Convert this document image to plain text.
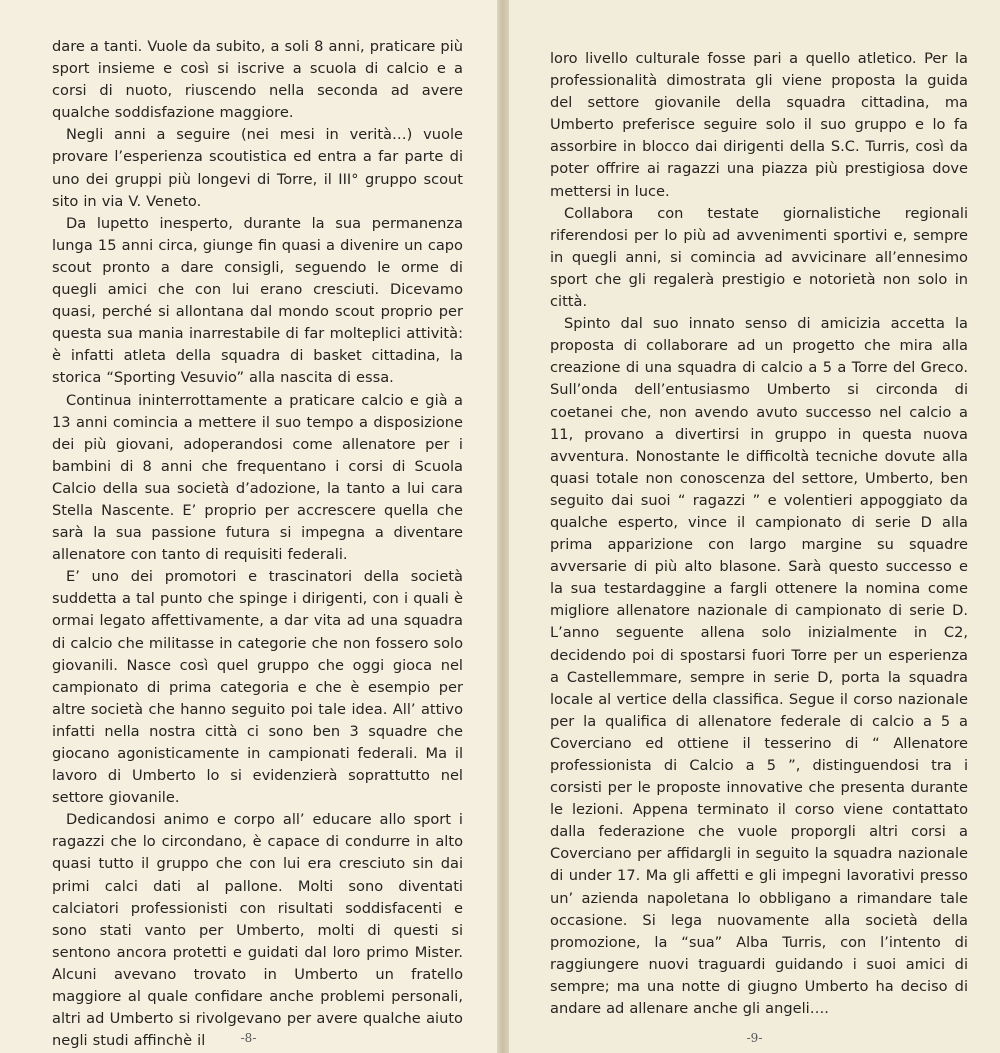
dare a tanti. Vuole da subito, a soli 8 anni, praticare più sport insieme e così si iscrive a scuola di calcio e a corsi di nuoto, riuscendo nella seconda ad avere qualche soddisfazione maggiore.

Negli anni a seguire (nei mesi in verità…) vuole provare l’esperienza scoutistica ed entra a far parte di uno dei gruppi più longevi di Torre, il III° gruppo scout sito in via V. Veneto.

Da lupetto inesperto, durante la sua permanenza lunga 15 anni circa, giunge fin quasi a divenire un capo scout pronto a dare consigli, seguendo le orme di quegli amici che con lui erano cresciuti. Dicevamo quasi, perché si allontana dal mondo scout proprio per questa sua mania inarrestabile di far molteplici attività: è infatti atleta della squadra di basket cittadina, la storica “Sporting Vesuvio” alla nascita di essa.

Continua ininterrottamente a praticare calcio e già a 13 anni comincia a mettere il suo tempo a disposizione dei più giovani, adoperandosi come allenatore per i bambini di 8 anni che frequentano i corsi di Scuola Calcio della sua società d’adozione, la tanto a lui cara Stella Nascente. E’ proprio per accrescere quella che sarà la sua passione futura si impegna a diventare allenatore con tanto di requisiti federali.

E’ uno dei promotori e trascinatori della società suddetta a tal punto che spinge i dirigenti, con i quali è ormai legato affettivamente, a dar vita ad una squadra di calcio che militasse in categorie che non fossero solo giovanili. Nasce così quel gruppo che oggi gioca nel campionato di prima categoria e che è esempio per altre società che hanno seguito poi tale idea. All’ attivo infatti nella nostra città ci sono ben 3 squadre che giocano agonisticamente in campionati federali. Ma il lavoro di Umberto lo si evidenzierà soprattutto nel settore giovanile.

Dedicandosi animo e corpo all’ educare allo sport i ragazzi che lo circondano, è capace di condurre in alto quasi tutto il gruppo che con lui era cresciuto sin dai primi calci dati al pallone. Molti sono diventati calciatori professionisti con risultati soddisfacenti e sono stati vanto per Umberto, molti di questi si sentono ancora protetti e guidati dal loro primo Mister. Alcuni avevano trovato in Umberto un fratello maggiore al quale confidare anche problemi personali, altri ad Umberto si rivolgevano per avere qualche aiuto negli studi affinchè il	-8-

loro livello culturale fosse pari a quello atletico. Per la professionalità dimostrata gli viene proposta la guida del settore giovanile della squadra cittadina, ma Umberto preferisce seguire solo il suo gruppo e lo fa assorbire in blocco dai dirigenti della S.C. Turris, così da poter offrire ai ragazzi una piazza più prestigiosa dove mettersi in luce.

Collabora con testate giornalistiche regionali riferendosi per lo più ad avvenimenti sportivi e, sempre in quegli anni, si comincia ad avvicinare all’ennesimo sport che gli regalerà prestigio e notorietà non solo in città.

Spinto dal suo innato senso di amicizia accetta la proposta di collaborare ad un progetto che mira alla creazione di una squadra di calcio a 5 a Torre del Greco. Sull’onda dell’entusiasmo Umberto si circonda di coetanei che, non avendo avuto successo nel calcio a 11, provano a divertirsi in gruppo in questa nuova avventura. Nonostante le difficoltà tecniche dovute alla quasi totale non conoscenza del settore, Umberto, ben seguito dai suoi “ ragazzi ” e volentieri appoggiato da qualche esperto, vince il campionato di serie D alla prima apparizione con largo margine su squadre avversarie di più alto blasone. Sarà questo successo e la sua testardaggine a fargli ottenere la nomina come migliore allenatore nazionale di campionato di serie D. L’anno seguente allena solo inizialmente in C2, decidendo poi di spostarsi fuori Torre per un esperienza a Castellemmare, sempre in serie D, porta la squadra locale al vertice della classifica. Segue il corso nazionale per la qualifica di allenatore federale di calcio a 5 a Coverciano ed ottiene il tesserino di “ Allenatore professionista di Calcio a 5 ”, distinguendosi tra i corsisti per le proposte innovative che presenta durante le lezioni. Appena terminato il corso viene contattato dalla federazione che vuole proporgli altri corsi a Coverciano per affidargli in seguito la squadra nazionale di under 17. Ma gli affetti e gli impegni lavorativi presso un’ azienda napoletana lo obbligano a rimandare tale occasione. Si lega nuovamente alla società della promozione, la “sua” Alba Turris, con l’intento di raggiungere nuovi traguardi guidando i suoi amici di sempre; ma una notte di giugno Umberto ha deciso di andare ad allenare anche gli angeli….

-9-
